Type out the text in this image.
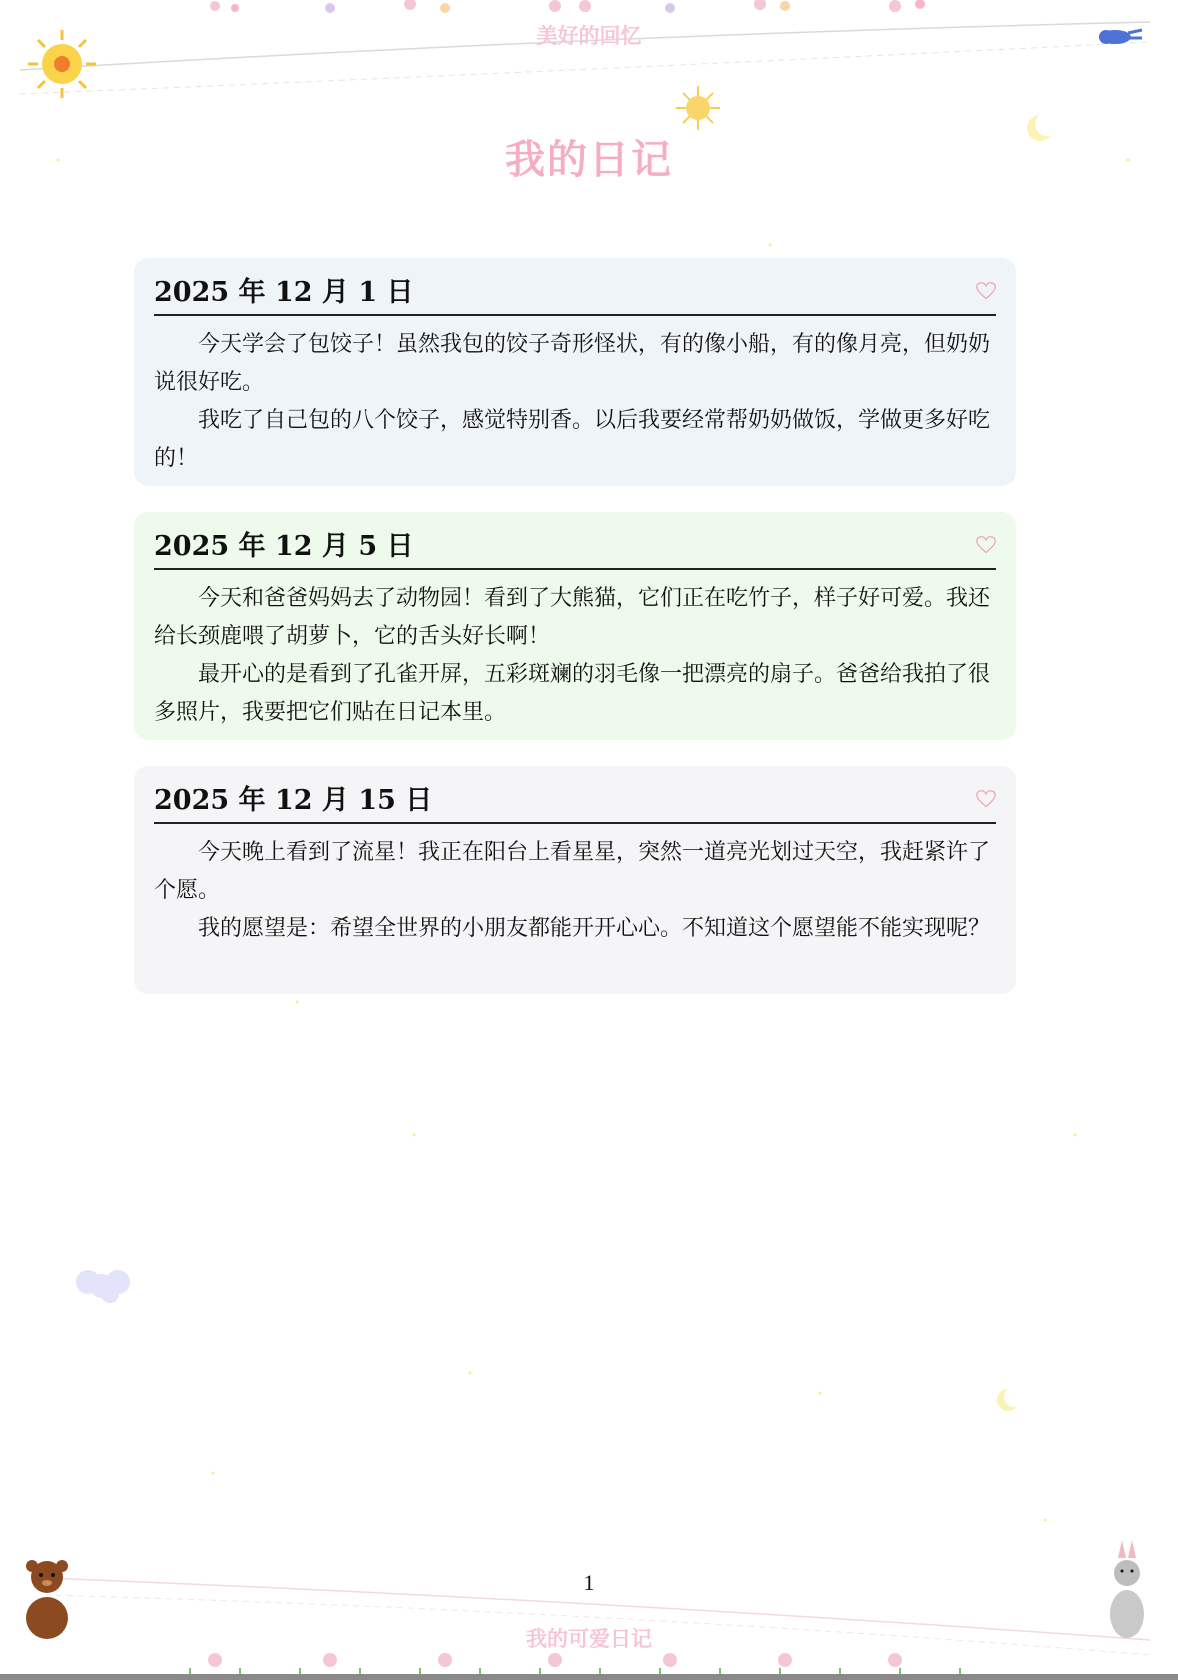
美好的回忆
我的日记
2025 年 12 月 1 日

今天学会了包饺子！虽然我包的饺子奇形怪状，有的像小船，有的像月亮，但奶奶说很好吃。

我吃了自己包的八个饺子，感觉特别香。以后我要经常帮奶奶做饭，学做更多好吃的！

2025 年 12 月 5 日

今天和爸爸妈妈去了动物园！看到了大熊猫，它们正在吃竹子，样子好可爱。我还给长颈鹿喂了胡萝卜，它的舌头好长啊！

最开心的是看到了孔雀开屏，五彩斑斓的羽毛像一把漂亮的扇子。爸爸给我拍了很多照片，我要把它们贴在日记本里。

2025 年 12 月 15 日

今天晚上看到了流星！我正在阳台上看星星，突然一道亮光划过天空，我赶紧许了个愿。

我的愿望是：希望全世界的小朋友都能开开心心。不知道这个愿望能不能实现呢？

1
我的可爱日记
